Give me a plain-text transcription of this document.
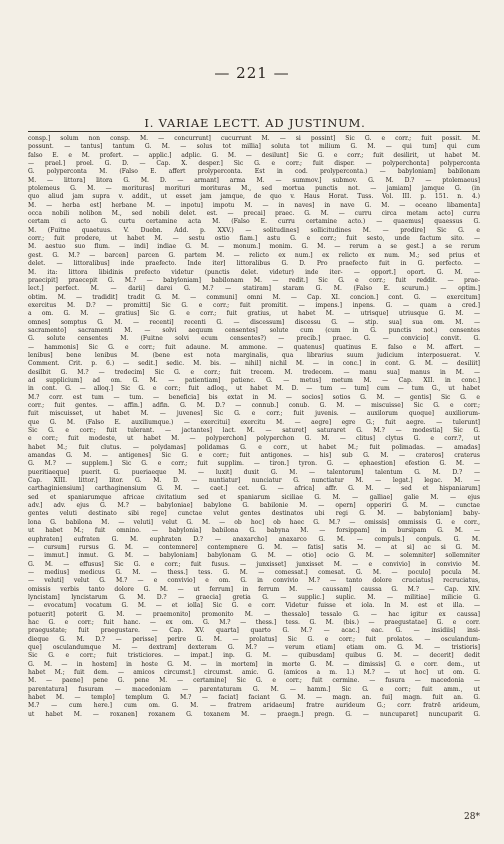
— 221 —
I. VARIAE LECTT. AD JUSTINUM.
consp.] solum non consp. M. — concurrunt] cucurrunt M. — si possint] Sic G. e corr.; fuit possit. M.
possunt. — tantus] tantum G. M. — solus tot millia] soluta tot milium G. M. — qui tum] qui cum
falso E. e M. profert. — applic.] adplic. G. M. — desilunt] Sic G. e corr.; fuit desilirit, ut habet M.
— prael.] proel. G. D. — Cap. X. desper.] Sic G. e corr.; fuit disper. — polyperchonta] polyperconta
G. polypercontа M. (Falso E. affert prolyperconta. Est in cod. prolyperconta.) — babyloniam] babilonam
M. — littora] litora G. M. D. — armant] arma M. — summov.] submov. G. M. D.? — ptolemaeus]
ptolemeus G. M. — morituras] morituri morituras M., sed mortua punctis not. — jamiam] jamque G. (in
quo aliud jam supra v. addit., ut esset jam jamque, de quo v. Haus Horat. Tuss. Vol. III. p. 151. n. 4.)
M. — herba est] herbane M. — inpotu] impotu M. — in naves] in nave G. M. — oceano libamenta]
occa nobili nolibon M., sed nobili delet. est. — precai] praec. G. M. — curru circa metam acto] curru
certam ci acto G. curtu certamine acta M. (Falso E. curru certamine acto.) — quaemus] quaessus G.
M. (Fuitne quaetuus. V. Duebn. Add. p. XXV.) — solitudines] sollicitudines M. — prodire] Sic G. e
corr.; fuit prodere, ut habet M. — sestu ostio fiam.] astu G. e corr.; fuit sesto, unde factum sito. —
M. aestuo suo flum. — indi] indiae G. M. — monum.] monim. G. M. — rerum a se gest.] a se rerum
gest. G. M.? — barcen] parcen G. partem M. — relicto ex num.] ex relicto ex num. M.; sed prius et
delet. — littoralibus] inde praefecto. Inde iter] littoralibus G. D. Pro praefecto fuit in G. perfecto. —
M. ita: littora libidinis prefecto videtur (punctis delet. videtur) inde iter- — opport.] oport. G. M. —
praecipit] praecepit G. M.? — babyloniam] babilonam M. — redit.] Sic G. e corr.; fuit reddit. — prae-
lect.] perfect. M. — darii] darei G. M.? — statiram] staram G. M. (Falso E. scurum.) — optim.]
obtim. M. — tradidit] tradit G. M. — communi] omni M. — Cap. XI. concion.] cont. G. — exercitum]
exercitus M. D.? — promitti] Sic G. e corr.; fuit promitit. — impens.] inpens. G. — quam a cred.]
a om. G. M. — gratius] Sic G. e corr.; fuit gratius, ut habet M. — utrisque] utriusque G. M. —
omnes] somptus G. M. — recenti] recenti G. — discessum] discessu G. — stip. sua] sua om. M. —
sacramento] sacramenti M. — solvi aequum censentes] solute cum (cum in G. punctis not.) censentes
G. solute censentes M. (Fuitne solvi ecum censentes?) — precib.] praec. G. — convicio] convit. G.
— hammonis] Sic G. e corr.; fuit adaune. M. ammone. — quatenus] quatinus E. falso e M. affert. —
lenibus] bene lenibus M. (bene est nota marginalis, qua librarius suum judicium interposuerat. V.
Comment. Crit. p. 6.) — sedit.] sedic. M. bis. — nihil] nichil M. — in conc.] in cont. G. M. — desiliit]
desilbit G. M.? — tredecim] Sic G. e corr.; fuit trecem. M. tredecem. — manu sua] manus in M. —
ad supplicium] ad om. G. M. — patientiam] patienc. G. — metus] metum M. — Cap. XII. in conc.]
in cont. G. — alloq.] Sic G. e corr.; fuit adloq., ut habet M. D. — tum — tum] cum — tum G., ut habet
M.? corr. est tum — tum. — beneficia] bis extat in M. — socios] sotios G. M. — gentis] Sic G. e
corr.; fuit gentes. — affin.] adfin. G. M. D.? — connub.] conub. G. M. — miscuisse] Sic G. e corr.;
fuit miscuisset, ut habet M. — juvenes] Sic G. e corr.; fuit juvenis. — auxilorum quoque] auxiliorum-
que G. M. (Falso E. auxiliumque.) — exercitui] exercitu M. — aegre] egre G.; fuit aegre. — tulerunt]
Sic G. e corr.; fuit tulerant. — jactantes] lact. M. — saturet] saturaret G. M.? — modestia] Sic G.
e corr.; fuit modeste, ut habet M. — polyperchon] polyperchon G. M. — clitus] clytus G. e corr.?, ut
habet M.; fuit clutus. — polydamas] polidamas G. e corr., ut habet M.; fuit polimadas. — amadas]
amandas G. M. — antigenes] Sic G. e corr.; fuit antigones. — his] sub G. M. — crateros] craterus
G. M.? — supplem.] Sic G. e corr.; fuit supplim. — tiron.] tyron. G. — ephaestion] efestion G. M. —
pueritiaeque] puerit. G. pueriaeque M. — luxit] duxit G. M. — talentorum] talentum G. M. D.? —
Cap. XIII. littor.] litor. G. M. D. — nuntiatur] nunciatur G. nunctiatur M. — legat.] legac. M. —
carthaginiensium] carthaginensium G. M. — caet.] cet. G. — africa] affr. G. M. — sed et hispaniarum]
sed et spaniarumque africae civitatium sed et spaniarum siciliae G. M. — galliae] galie M. — ejus
adv.] adv. ejus G. M.? — babyloniae] babylone G. babilonie M. — opern] opperiri G. M. — cunctae
gentes veluti destinato sibi rege] cunctae velut gentes destinatos ubi regi G. M. — babyloniam] baby-
lona G. babilona M. — veluti] velut G. M. — ob hoc] ob haec G. M.? — omissis] ommissis G. e corr.,
ut habet M.; fuit omnino. — babylonia] babilona G. babyna M. — forsippam] in bursipam G. M. —
euphraten] eufraten G. M. euphraten D.? — anaxarchо] anaxarco G. M. — compuls.] conpuls. G. M.
— cursum] rursus G. M. — contemnere] contempnere G. M. — fatis] satis M. — at si] ac si G. M.
— immut.] inmut. G. M. — babyloniam] babylonam G. M. — otio] ocio G. M. — solemniter] sollemniter
G. M. — effusus] Sic G. e corr.; fuit fusus. — junxisset] junxisset M. — e convivio] in convivio M.
— medius] medicus G. M. — thess.] tess. G. M. — comessat.] comesat. G. M. — poculo] pocula M.
— veluti] velut G. M.? — e convivio] e om. G. in convivio M.? — tanto dolore cruciatus] recruciatus,
omissis verbis tanto dolore G. M. — ut ferrum] in ferrum M. — caussam] caussa G. M.? — Cap. XIV.
lyncistam] lyncistarum G. M. D.? — graecia] gretia G. — supplic.] suplic. M. — militiae] milicie G.
— evocatum] vocatum G. M. — et iolla] Sic G. e corr. Videtur fuisse et iola. In M. est et illa. —
potuerit] poterit G. M. — praemonito] promonito M. — thessalo] tessalo G. — hac igitur ex caussa]
hac G. e corr.; fuit hanc. — ex om. G. M.? — thess.] tess. G. M. (bis.) — praegustatae] G. e corr.
praegustate; fuit praegustare. — Cap. XV. quarta] quarto G. M.? — acac.] eac. G. — insidiis] insi-
dieque G. M. D.? — perisse] perire G. M. — prolatus] Sic G. e corr.; fuit prolatos. — osculandum-
que] osculandumque M. — dextram] dexteram G. M.? — verum etiam] etiam om. G. M. — tristioris]
Sic G. e corr.; fuit tristiciores. — impat.] inp. G. M. — quibusdam] quibus G. M. — decerit] dedit
G. M. — in hostem] in hoste G. M. — in mortem] in morte G. M. — dimissis] G. e corr. dem., ut
habet M.; fuit dem. — amicos circumst.] circumst. amic. G. (amicos a m. 1.) M.? — ut hoc] ut om. G.
M. — paene] pene G. pene M. — certamine] Sic G. e corr.; fuit cermine. — fusura — macedonia —
parentatura] fusuram — macedoniam — parentaturam G. M. — hamm.] Sic G. e corr.; fuit amm., ut
habet M. — templo] templum G. M.? — faciat] faciant G. M. — magn. an. fui] magn. fuit an. G.
M.? — cum here.] cum om. G. M. — fratrem aridaeum] fratre aurideum G.; corr. fratrē arideum,
ut habet M. — roxanen] roxanem G. toxanem M. — praegn.] pregn. G. — nuncuparet] nuncuparit G.
28*
